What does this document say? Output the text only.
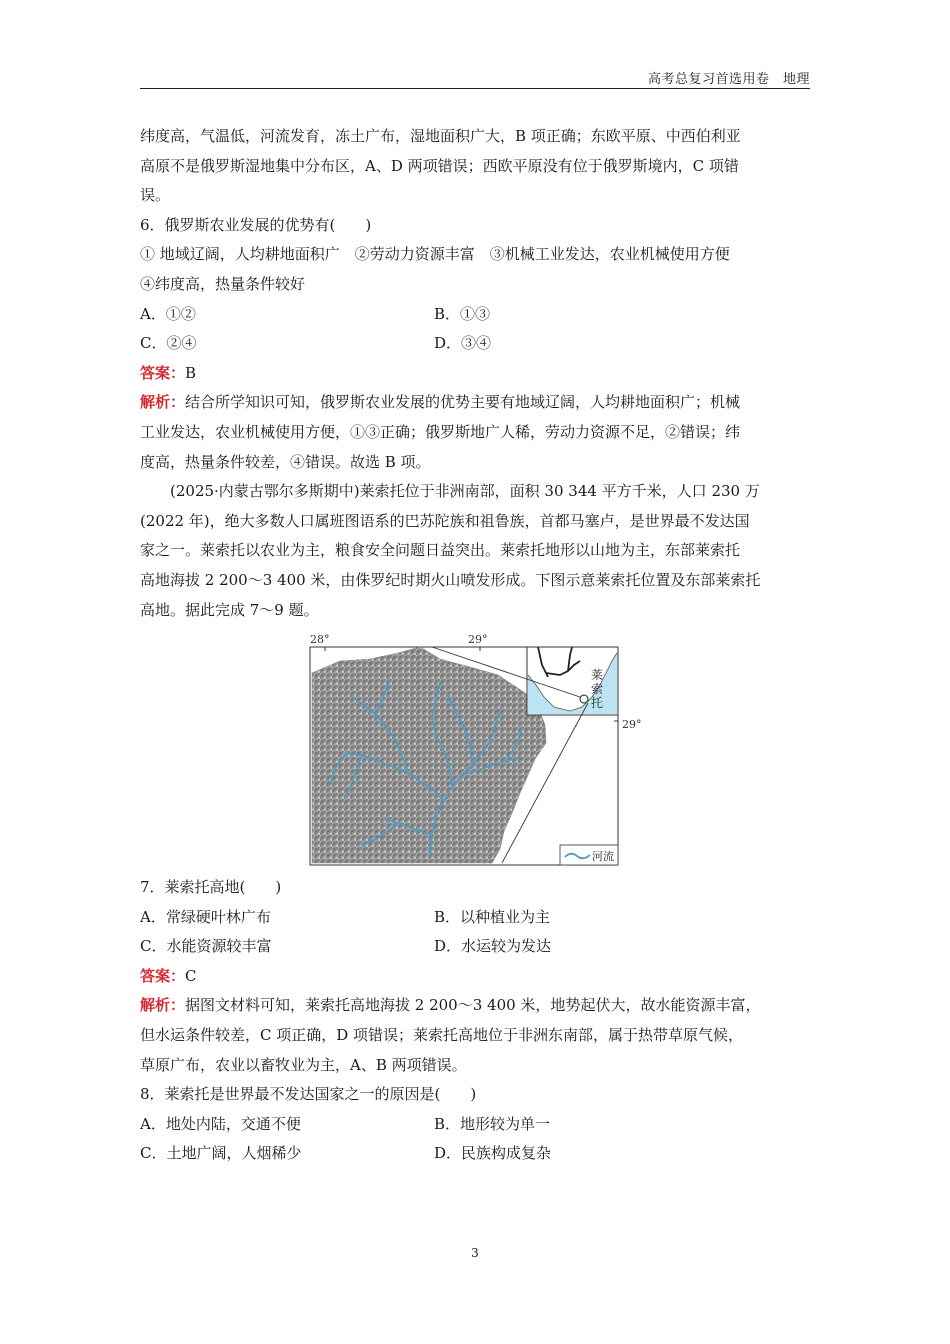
高考总复习首选用卷　地理
纬度高，气温低，河流发育，冻土广布，湿地面积广大，B 项正确；东欧平原、中西伯利亚
高原不是俄罗斯湿地集中分布区，A、D 两项错误；西欧平原没有位于俄罗斯境内，C 项错
误。
6．俄罗斯农业发展的优势有(　　)
① 地域辽阔，人均耕地面积广　②劳动力资源丰富　③机械工业发达，农业机械使用方便
④纬度高，热量条件较好
A．①②	B．①③
C．②④	D．③④
答案：B
解析：结合所学知识可知，俄罗斯农业发展的优势主要有地域辽阔，人均耕地面积广；机械
工业发达，农业机械使用方便，①③正确；俄罗斯地广人稀，劳动力资源不足，②错误；纬
度高，热量条件较差，④错误。故选 B 项。
(2025·内蒙古鄂尔多斯期中)莱索托位于非洲南部，面积 30 344 平方千米，人口 230 万
(2022 年)，绝大多数人口属班图语系的巴苏陀族和祖鲁族，首都马塞卢，是世界最不发达国
家之一。莱索托以农业为主，粮食安全问题日益突出。莱索托地形以山地为主，东部莱索托
高地海拔 2 200～3 400 米，由侏罗纪时期火山喷发形成。下图示意莱索托位置及东部莱索托
高地。据此完成 7～9 题。
28°	29°
29°
莱
索
托
河流
7．莱索托高地(　　)
A．常绿硬叶林广布	B．以种植业为主
C．水能资源较丰富	D．水运较为发达
答案：C
解析：据图文材料可知，莱索托高地海拔 2 200～3 400 米，地势起伏大，故水能资源丰富，
但水运条件较差，C 项正确，D 项错误；莱索托高地位于非洲东南部，属于热带草原气候，
草原广布，农业以畜牧业为主，A、B 两项错误。
8．莱索托是世界最不发达国家之一的原因是(　　)
A．地处内陆，交通不便	B．地形较为单一
C．土地广阔，人烟稀少	D．民族构成复杂
3
